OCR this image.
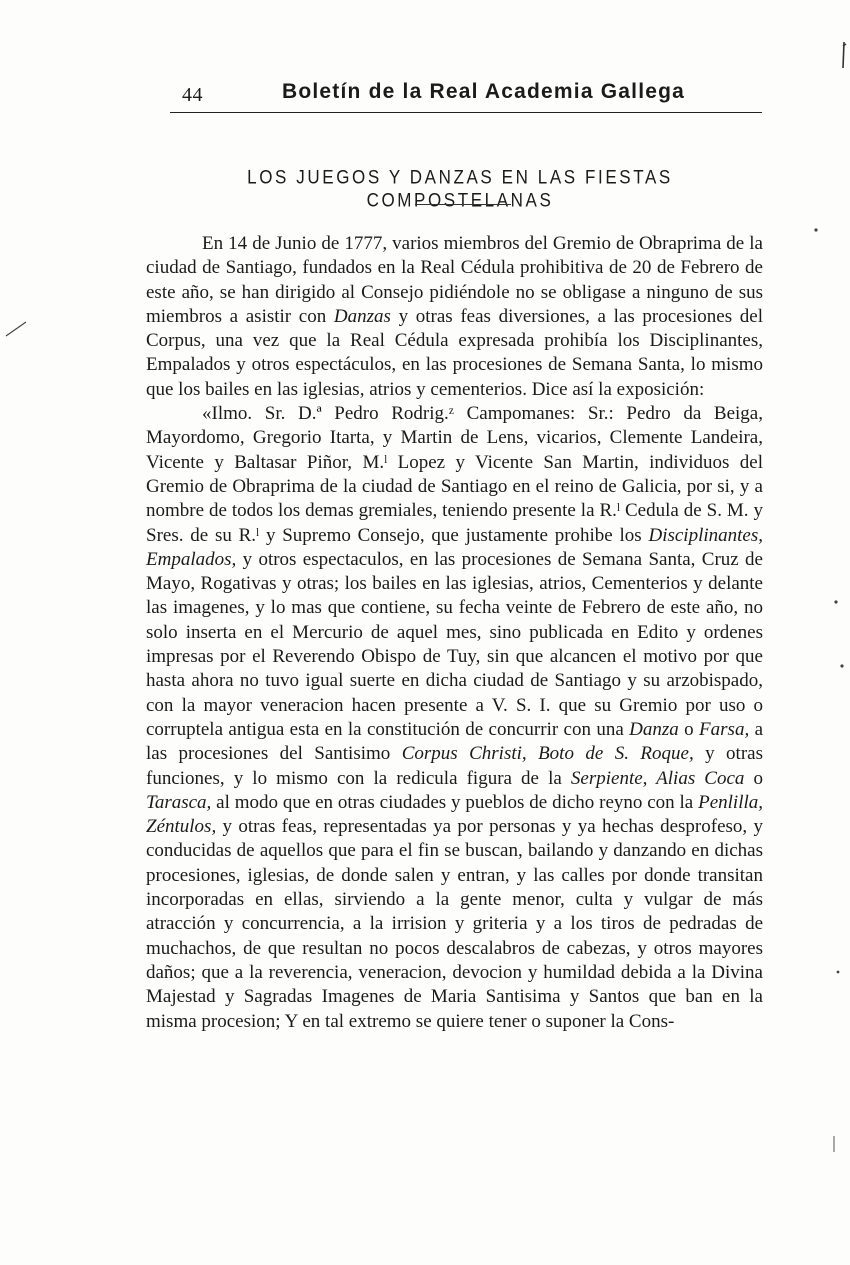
44	Boletín de la Real Academia Gallega
LOS JUEGOS Y DANZAS EN LAS FIESTAS COMPOSTELANAS

En 14 de Junio de 1777, varios miembros del Gremio de Obraprima de la ciudad de Santiago, fundados en la Real Cédula prohibitiva de 20 de Febrero de este año, se han dirigido al Consejo pidiéndole no se obligase a ninguno de sus miembros a asistir con Danzas y otras feas diversiones, a las procesiones del Corpus, una vez que la Real Cédula expresada prohibía los Disciplinantes, Empalados y otros espectáculos, en las procesiones de Semana Santa, lo mismo que los bailes en las iglesias, atrios y cementerios. Dice así la exposición:

«Ilmo. Sr. D.ª Pedro Rodrig.ᶻ Campomanes: Sr.: Pedro da Beiga, Mayordomo, Gregorio Itarta, y Martin de Lens, vicarios, Clemente Landeira, Vicente y Baltasar Piñor, M.ˡ Lopez y Vicente San Martin, individuos del Gremio de Obraprima de la ciudad de Santiago en el reino de Galicia, por si, y a nombre de todos los demas gremiales, teniendo presente la R.ˡ Cedula de S. M. y Sres. de su R.ˡ y Supremo Consejo, que justamente prohibe los Disciplinantes, Empalados, y otros espectaculos, en las procesiones de Semana Santa, Cruz de Mayo, Rogativas y otras; los bailes en las iglesias, atrios, Cementerios y delante las imagenes, y lo mas que contiene, su fecha veinte de Febrero de este año, no solo inserta en el Mercurio de aquel mes, sino publicada en Edito y ordenes impresas por el Reverendo Obispo de Tuy, sin que alcancen el motivo por que hasta ahora no tuvo igual suerte en dicha ciudad de Santiago y su arzobispado, con la mayor veneracion hacen presente a V. S. I. que su Gremio por uso o corruptela antigua esta en la constitución de concurrir con una Danza o Farsa, a las procesiones del Santisimo Corpus Christi, Boto de S. Roque, y otras funciones, y lo mismo con la redicula figura de la Serpiente, Alias Coca o Tarasca, al modo que en otras ciudades y pueblos de dicho reyno con la Penlilla, Zéntulos, y otras feas, representadas ya por personas y ya hechas desprofeso, y conducidas de aquellos que para el fin se buscan, bailando y danzando en dichas procesiones, iglesias, de donde salen y entran, y las calles por donde transitan incorporadas en ellas, sirviendo a la gente menor, culta y vulgar de más atracción y concurrencia, a la irrision y griteria y a los tiros de pedradas de muchachos, de que resultan no pocos descalabros de cabezas, y otros mayores daños; que a la reverencia, veneracion, devocion y humildad debida a la Divina Majestad y Sagradas Imagenes de Maria Santisima y Santos que ban en la misma procesion; Y en tal extremo se quiere tener o suponer la Cons-
